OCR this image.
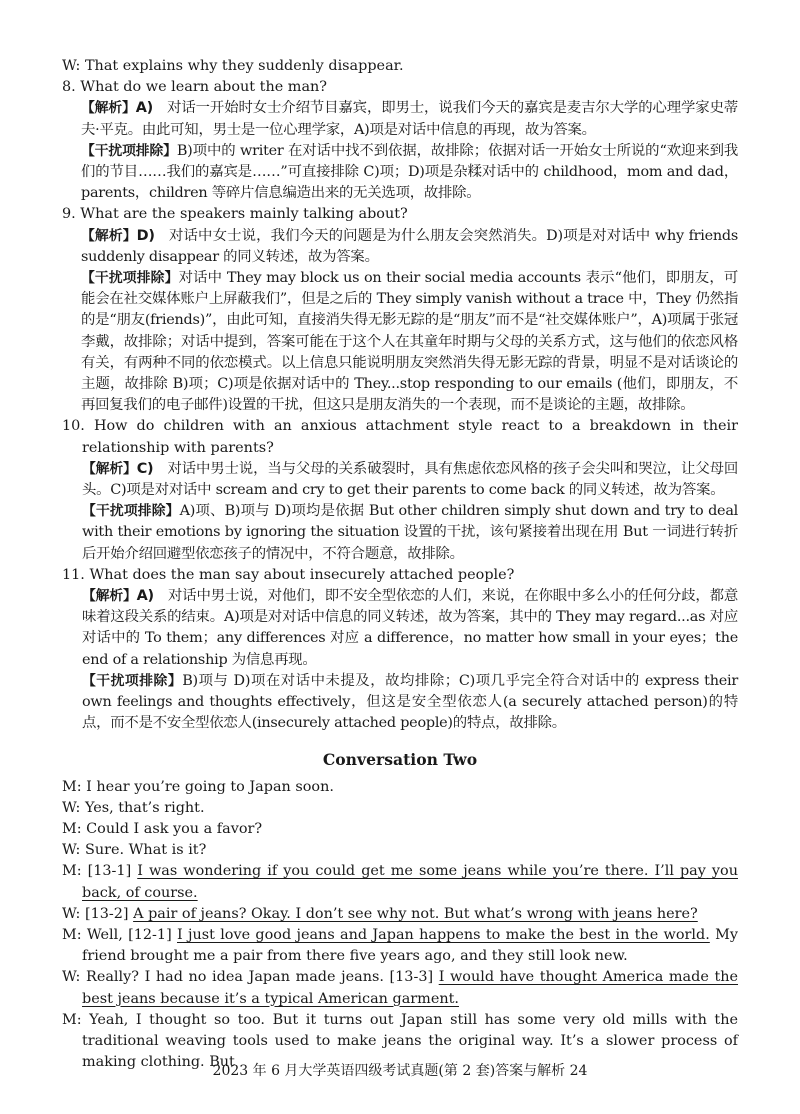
W: That explains why they suddenly disappear.

8. What do we learn about the man?

【解析】A) 对话一开始时女士介绍节目嘉宾，即男士，说我们今天的嘉宾是麦吉尔大学的心理学家史蒂夫·平克。由此可知，男士是一位心理学家，A)项是对话中信息的再现，故为答案。

【干扰项排除】B)项中的 writer 在对话中找不到依据，故排除；依据对话一开始女士所说的“欢迎来到我们的节目……我们的嘉宾是……”可直接排除 C)项；D)项是杂糅对话中的 childhood，mom and dad，parents，children 等碎片信息编造出来的无关选项，故排除。

9. What are the speakers mainly talking about?

【解析】D) 对话中女士说，我们今天的问题是为什么朋友会突然消失。D)项是对对话中 why friends suddenly disappear 的同义转述，故为答案。

【干扰项排除】对话中 They may block us on their social media accounts 表示“他们，即朋友，可能会在社交媒体账户上屏蔽我们”，但是之后的 They simply vanish without a trace 中，They 仍然指的是“朋友(friends)”，由此可知，直接消失得无影无踪的是“朋友”而不是“社交媒体账户”，A)项属于张冠李戴，故排除；对话中提到，答案可能在于这个人在其童年时期与父母的关系方式，这与他们的依恋风格有关，有两种不同的依恋模式。以上信息只能说明朋友突然消失得无影无踪的背景，明显不是对话谈论的主题，故排除 B)项；C)项是依据对话中的 They...stop responding to our emails (他们，即朋友，不再回复我们的电子邮件)设置的干扰，但这只是朋友消失的一个表现，而不是谈论的主题，故排除。

10. How do children with an anxious attachment style react to a breakdown in their relationship with parents?

【解析】C) 对话中男士说，当与父母的关系破裂时，具有焦虑依恋风格的孩子会尖叫和哭泣，让父母回头。C)项是对对话中 scream and cry to get their parents to come back 的同义转述，故为答案。

【干扰项排除】A)项、B)项与 D)项均是依据 But other children simply shut down and try to deal with their emotions by ignoring the situation 设置的干扰，该句紧接着出现在用 But 一词进行转折后开始介绍回避型依恋孩子的情况中，不符合题意，故排除。

11. What does the man say about insecurely attached people?

【解析】A) 对话中男士说，对他们，即不安全型依恋的人们，来说，在你眼中多么小的任何分歧，都意味着这段关系的结束。A)项是对对话中信息的同义转述，故为答案，其中的 They may regard...as 对应对话中的 To them；any differences 对应 a difference，no matter how small in your eyes；the end of a relationship 为信息再现。

【干扰项排除】B)项与 D)项在对话中未提及，故均排除；C)项几乎完全符合对话中的 express their own feelings and thoughts effectively，但这是安全型依恋人(a securely attached person)的特点，而不是不安全型依恋人(insecurely attached people)的特点，故排除。

Conversation Two

M: I hear you’re going to Japan soon.

W: Yes, that’s right.

M: Could I ask you a favor?

W: Sure. What is it?

M: [13-1] I was wondering if you could get me some jeans while you’re there. I’ll pay you back, of course.

W: [13-2] A pair of jeans? Okay. I don’t see why not. But what’s wrong with jeans here?

M: Well, [12-1] I just love good jeans and Japan happens to make the best in the world. My friend brought me a pair from there five years ago, and they still look new.

W: Really? I had no idea Japan made jeans. [13-3] I would have thought America made the best jeans because it’s a typical American garment.

M: Yeah, I thought so too. But it turns out Japan still has some very old mills with the traditional weaving tools used to make jeans the original way. It’s a slower process of making clothing. But

2023 年 6 月大学英语四级考试真题(第 2 套)答案与解析 24
